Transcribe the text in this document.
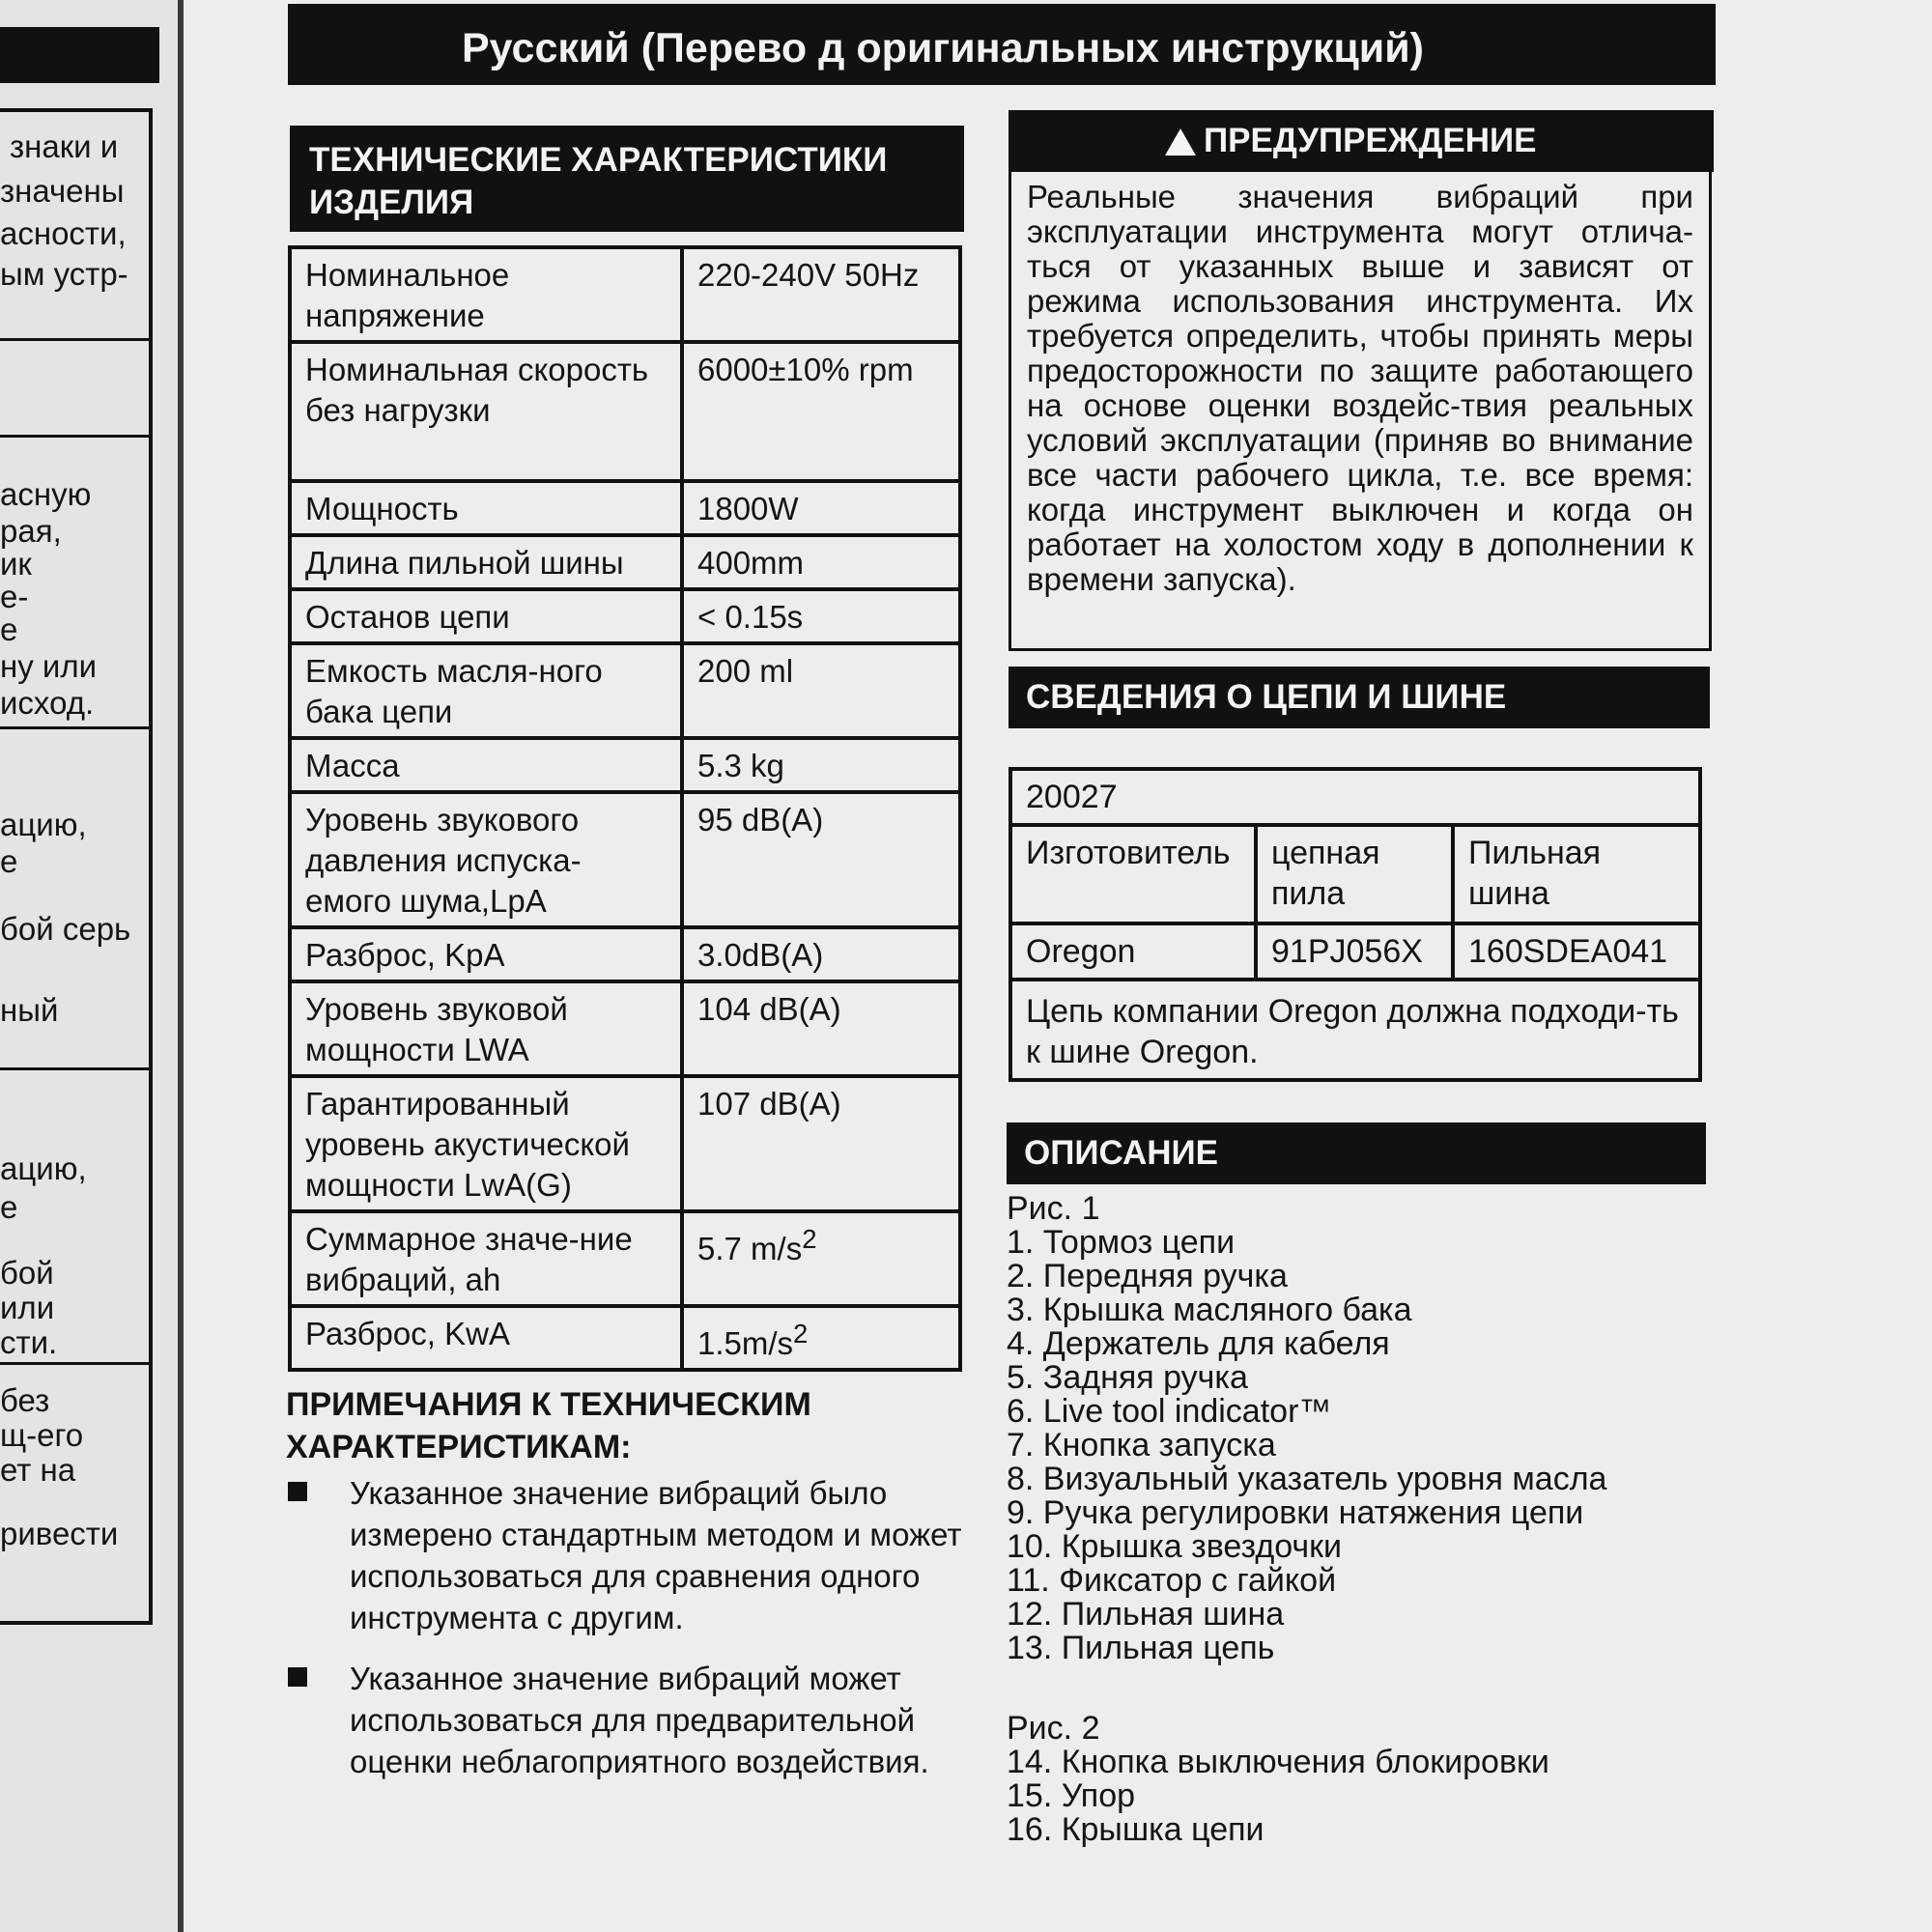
знаки и
значены
асности,
ым устр-
асную
рая,
ик
е-
е
ну или
исход.
ацию,
е
бой серь
ный
ацию,
е
бой
или
сти.
без
щ-его
ет на
ривести
Русский (Перево д оригинальных инструкций)
ТЕХНИЧЕСКИЕ ХАРАКТЕРИСТИКИ
ИЗДЕЛИЯ
Номинальное напряжение	220-240V 50Hz
Номинальная скорость без нагрузки	6000±10% rpm
Мощность	1800W
Длина пильной шины	400mm
Останов цепи	< 0.15s
Емкость масля-ного бака цепи	200 ml
Масса	5.3 kg
Уровень звукового давления испуска-емого шума,LpA	95 dB(A)
Разброс, KpA	3.0dB(A)
Уровень звуковой мощности LWA	104 dB(A)
Гарантированный уровень акустической мощности LwA(G)	107 dB(A)
Суммарное значе-ние вибраций, ah	5.7 $m/s^2$
Разброс, KwA	$1.5m/s^2$
ПРИМЕЧАНИЯ К ТЕХНИЧЕСКИМ
ХАРАКТЕРИСТИКАМ:
Указанное значение вибраций было измерено стандартным методом и может использоваться для сравнения одного инструмента с другим.
Указанное значение вибраций может использоваться для предварительной оценки неблагоприятного воздействия.
ПРЕДУПРЕЖДЕНИЕ
Реальные значения вибраций при эксплуатации инструмента могут отлича-ться от указанных выше и зависят от режима использования инструмента. Их требуется определить, чтобы принять меры предосторожности по защите работающего на основе оценки воздейс-твия реальных условий эксплуатации (приняв во внимание все части рабочего цикла, т.е. все время: когда инструмент выключен и когда он работает на холостом ходу в дополнении к времени запуска).
СВЕДЕНИЯ О ЦЕПИ И ШИНЕ
20027		
Изготовитель	цепная пила	Пильная шина
Oregon	91PJ056X	160SDEA041
Цепь компании Oregon должна подходи-ть к шине Oregon.		
ОПИСАНИЕ
Рис. 1
1. Тормоз цепи
2. Передняя ручка
3. Крышка масляного бака
4. Держатель для кабеля
5. Задняя ручка
6. Live tool indicator™
7. Кнопка запуска
8. Визуальный указатель уровня масла
9. Ручка регулировки натяжения цепи
10. Крышка звездочки
11. Фиксатор с гайкой
12. Пильная шина
13. Пильная цепь
Рис. 2
14. Кнопка выключения блокировки
15. Упор
16. Крышка цепи
